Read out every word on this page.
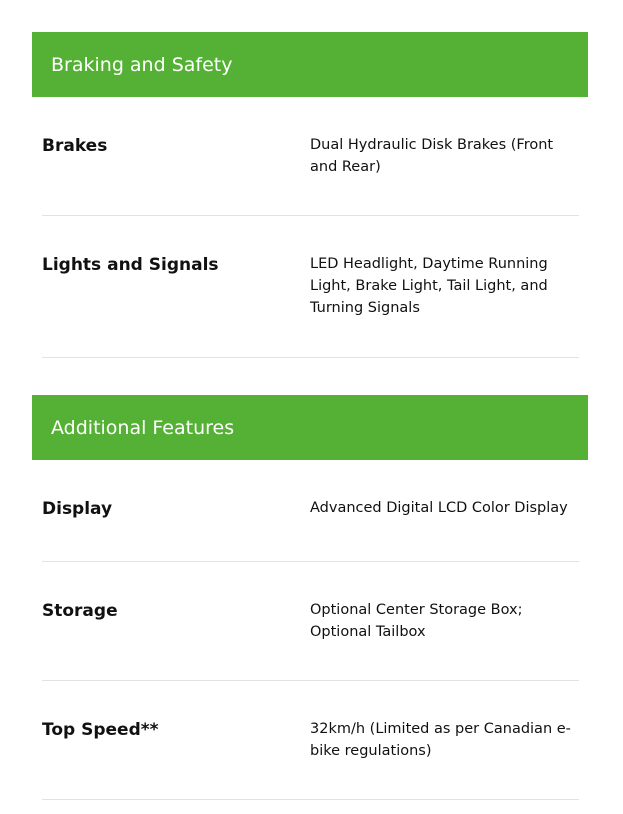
Braking and Safety
Brakes	Dual Hydraulic Disk Brakes (Front and Rear)
Lights and Signals	LED Headlight, Daytime Running Light, Brake Light, Tail Light, and Turning Signals
Additional Features
Display	Advanced Digital LCD Color Display
Storage	Optional Center Storage Box; Optional Tailbox
Top Speed**	32km/h (Limited as per Canadian e-bike regulations)
